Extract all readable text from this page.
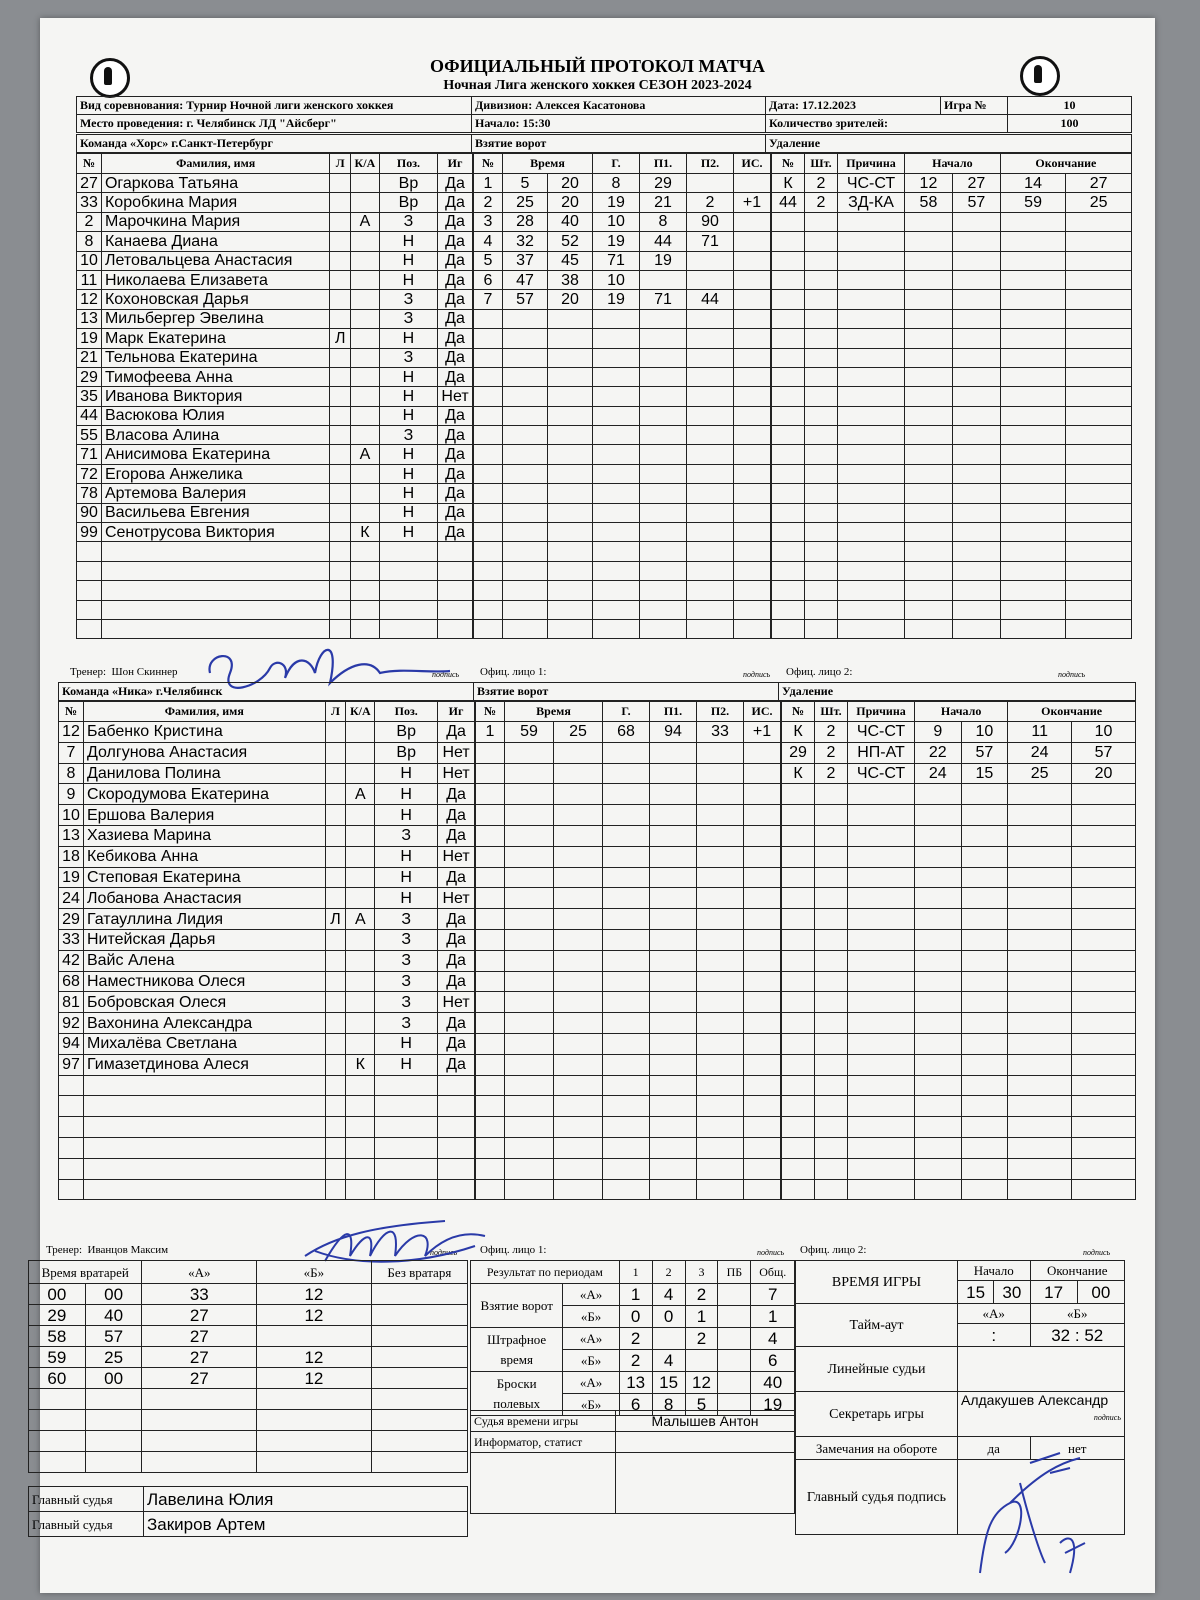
ОФИЦИАЛЬНЫЙ ПРОТОКОЛ МАТЧА
Ночная Лига женского хоккея СЕЗОН 2023-2024
Вид соревнования: Турнир Ночной лиги женского хоккея	Дивизион: Алексея Касатонова	Дата: 17.12.2023	Игра №	10
Место проведения: г. Челябинск ЛД "Айсберг"	Начало: 15:30	Количество зрителей:		100
Команда «Хорс» г.Санкт-Петербург	Взятие ворот	Удаление
№	Фамилия, имя	Л	К/А	Поз.	Иг
27	Огаркова Татьяна			Вр	Да
33	Коробкина Мария			Вр	Да
2	Марочкина Мария		А	З	Да
8	Канаева Диана			Н	Да
10	Летовальцева Анастасия			Н	Да
11	Николаева Елизавета			Н	Да
12	Кохоновская Дарья			З	Да
13	Мильбергер Эвелина			З	Да
19	Марк Екатерина	Л		Н	Да
21	Тельнова Екатерина			З	Да
29	Тимофеева Анна			Н	Да
35	Иванова Виктория			Н	Нет
44	Васюкова Юлия			Н	Да
55	Власова Алина			З	Да
71	Анисимова Екатерина		А	Н	Да
72	Егорова Анжелика			Н	Да
78	Артемова Валерия			Н	Да
90	Васильева Евгения			Н	Да
99	Сенотрусова Виктория		К	Н	Да

№	Время		Г.	П1.	П2.	ИС.
1	5	20	8	29		
2	25	20	19	21	2	+1
3	28	40	10	8	90	
4	32	52	19	44	71	
5	37	45	71	19		
6	47	38	10			
7	57	20	19	71	44	

№	Шт.	Причина	Начало		Окончание	
К	2	ЧС-СТ	12	27	14	27
44	2	ЗД-КА	58	57	59	25

Тренер: Шон Скиннер	подпись Офиц. лицо 1:	подпись Офиц. лицо 2:	подпись
Команда «Ника» г.Челябинск	Взятие ворот	Удаление
№	Фамилия, имя	Л	К/А	Поз.	Иг
12	Бабенко Кристина			Вр	Да
7	Долгунова Анастасия			Вр	Нет
8	Данилова Полина			Н	Нет
9	Скородумова Екатерина		А	Н	Да
10	Ершова Валерия			Н	Да
13	Хазиева Марина			З	Да
18	Кебикова Анна			Н	Нет
19	Степовая Екатерина			Н	Да
24	Лобанова Анастасия			Н	Нет
29	Гатауллина Лидия	Л	А	З	Да
33	Нитейская Дарья			З	Да
42	Вайс Алена			З	Да
68	Наместникова Олеся			З	Да
81	Бобровская Олеся			З	Нет
92	Вахонина Александра			З	Да
94	Михалёва Светлана			Н	Да
97	Гимазетдинова Алеся		К	Н	Да

№	Время		Г.	П1.	П2.	ИС.
1	59	25	68	94	33	+1

№	Шт.	Причина	Начало		Окончание	
К	2	ЧС-СТ	9	10	11	10
29	2	НП-АТ	22	57	24	57
К	2	ЧС-СТ	24	15	25	20

Тренер: Иванцов Максим	подпись Офиц. лицо 1:	подпись Офиц. лицо 2:	подпись
Время вратарей		«А»	«Б»	Без вратаря
00	00	33	12	
29	40	27	12	
58	57	27		
59	25	27	12	
60	00	27	12	

Главный судья	Лавелина Юлия
Главный судья	Закиров Артем
Результат по периодам		1	2	3	ПБ	Общ.
Взятие ворот	«А»	1	4	2		7
	«Б»	0	0	1		1
Штрафное время	«А»	2		2		4
	«Б»	2	4			6
Броски полевых	«А»	13	15	12		40
	«Б»	6	8	5		19
Судья времени игры	Малышев Антон
Информатор, статист	

ВРЕМЯ ИГРЫ	Начало		Окончание	
	15	30	17	00
Тайм-аут	«А»		«Б»	
	:		32 : 52	
Линейные судьи				
Секретарь игры	Алдакушев Александр
подпись			

Замечания на обороте	да		нет	
Главный судья подпись				
